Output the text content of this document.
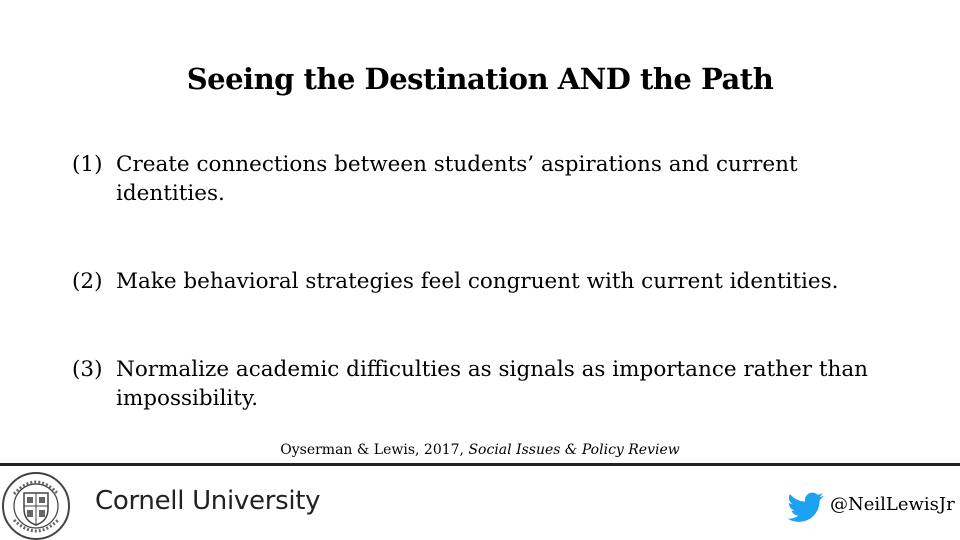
Seeing the Destination AND the Path
(1) Create connections between students’ aspirations and current identities.
(2) Make behavioral strategies feel congruent with current identities.
(3) Normalize academic difficulties as signals as importance rather than impossibility.
Oyserman & Lewis, 2017, Social Issues & Policy Review
Cornell University	@NeilLewisJr
